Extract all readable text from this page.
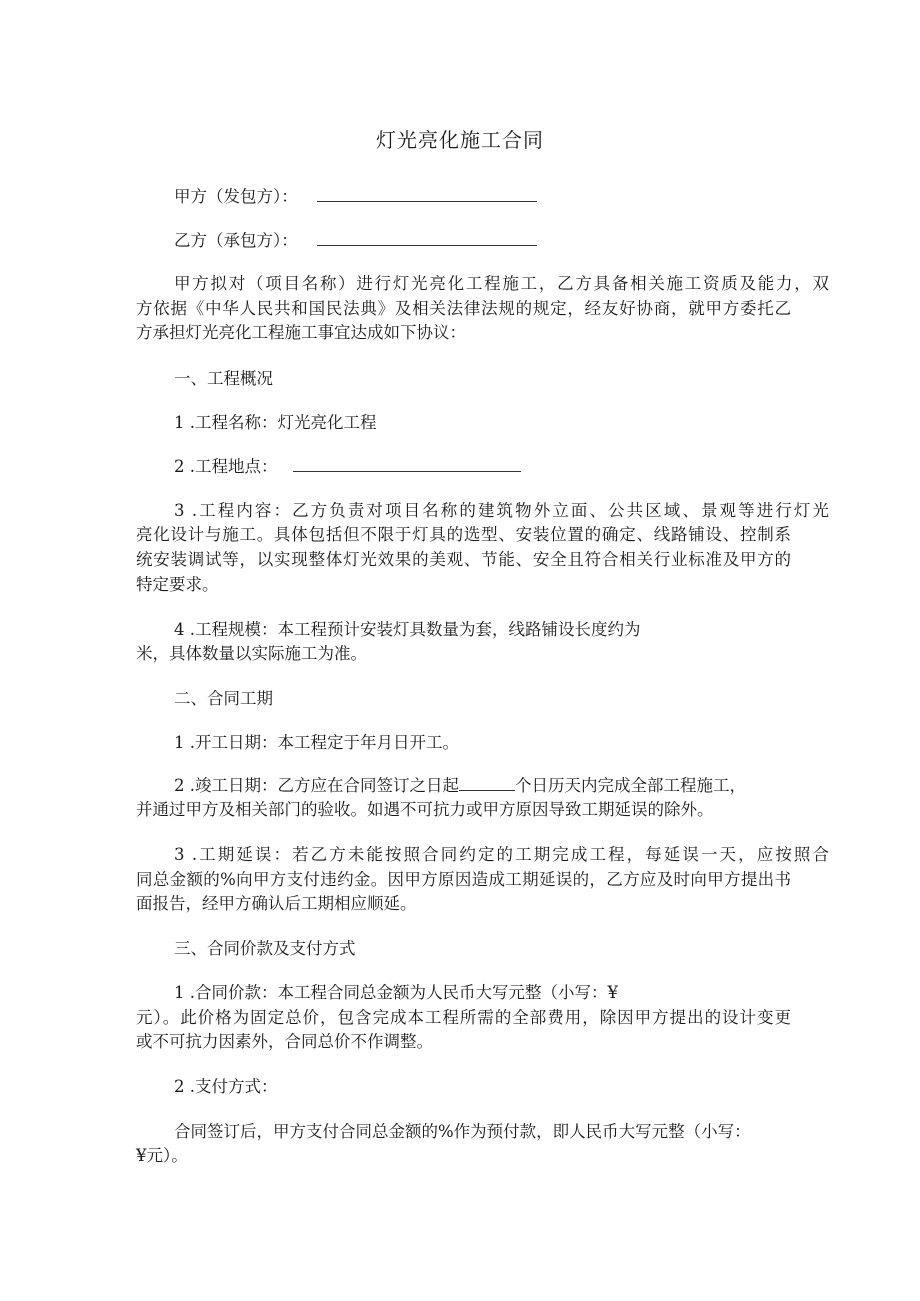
灯光亮化施工合同
甲方（发包方）：
乙方（承包方）：
甲方拟对（项目名称）进行灯光亮化工程施工，乙方具备相关施工资质及能力，双
方依据《中华人民共和国民法典》及相关法律法规的规定，经友好协商，就甲方委托乙
方承担灯光亮化工程施工事宜达成如下协议：
一、工程概况
1 .工程名称：灯光亮化工程
2 .工程地点：
3 .工程内容：乙方负责对项目名称的建筑物外立面、公共区域、景观等进行灯光
亮化设计与施工。具体包括但不限于灯具的选型、安装位置的确定、线路铺设、控制系
统安装调试等，以实现整体灯光效果的美观、节能、安全且符合相关行业标准及甲方的
特定要求。
4 .工程规模：本工程预计安装灯具数量为套，线路铺设长度约为
米，具体数量以实际施工为准。
二、合同工期
1 .开工日期：本工程定于年月日开工。
2 .竣工日期：乙方应在合同签订之日起	个日历天内完成全部工程施工，
并通过甲方及相关部门的验收。如遇不可抗力或甲方原因导致工期延误的除外。
3 .工期延误：若乙方未能按照合同约定的工期完成工程，每延误一天，应按照合
同总金额的%向甲方支付违约金。因甲方原因造成工期延误的，乙方应及时向甲方提出书
面报告，经甲方确认后工期相应顺延。
三、合同价款及支付方式
1 .合同价款：本工程合同总金额为人民币大写元整（小写：¥
元）。此价格为固定总价，包含完成本工程所需的全部费用，除因甲方提出的设计变更
或不可抗力因素外，合同总价不作调整。
2 .支付方式：
合同签订后，甲方支付合同总金额的%作为预付款，即人民币大写元整（小写：
¥元）。
